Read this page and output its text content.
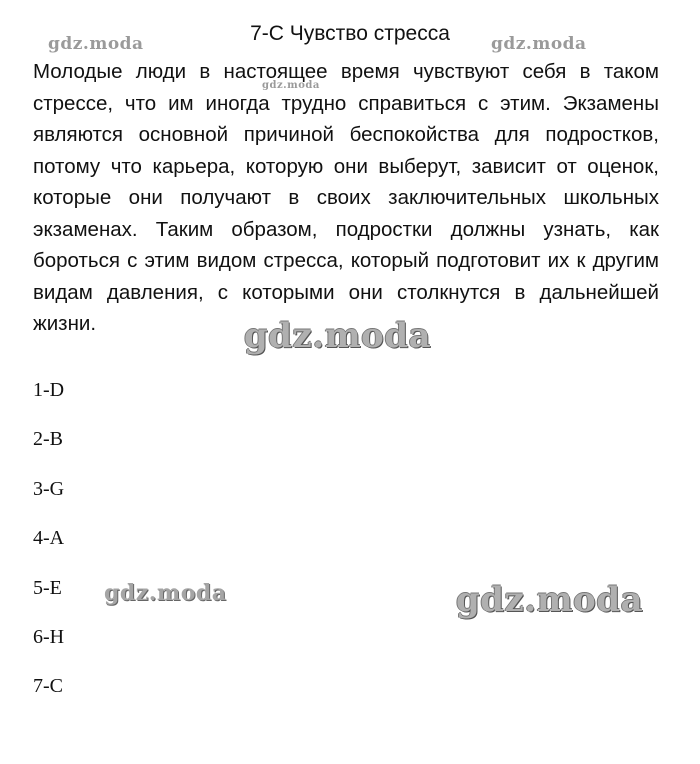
7-С Чувство стресса

Молодые люди в настоящее время чувствуют себя в таком стрессе, что им иногда трудно справиться с этим. Экзамены являются основной причиной беспокойства для подростков, потому что карьера, которую они выберут, зависит от оценок, которые они получают в своих заключительных школьных экзаменах. Таким образом, подростки должны узнать, как бороться с этим видом стресса, который подготовит их к другим видам давления, с которыми они столкнутся в дальнейшей жизни.

1-D
2-B
3-G
4-A
5-E
6-H
7-C
gdz.moda	gdz.moda
gdz.moda
gdz.moda
gdz.moda	gdz.moda
